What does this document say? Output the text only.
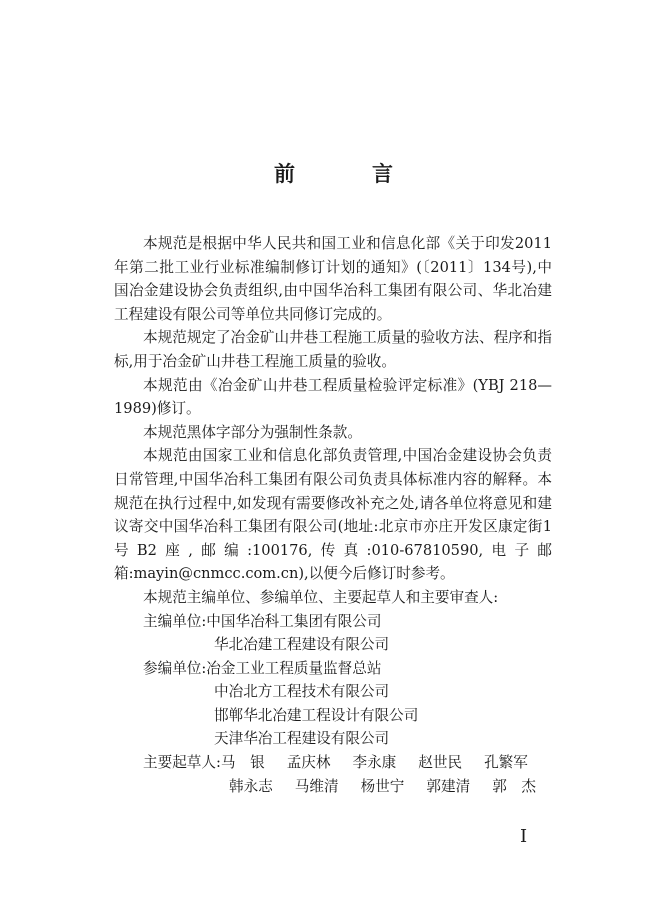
前　言

本规范是根据中华人民共和国工业和信息化部《关于印发2011年第二批工业行业标准编制修订计划的通知》(〔2011〕134号),中国冶金建设协会负责组织,由中国华冶科工集团有限公司、华北冶建工程建设有限公司等单位共同修订完成的。

本规范规定了冶金矿山井巷工程施工质量的验收方法、程序和指标,用于冶金矿山井巷工程施工质量的验收。

本规范由《冶金矿山井巷工程质量检验评定标准》(YBJ 218—1989)修订。

本规范黑体字部分为强制性条款。

本规范由国家工业和信息化部负责管理,中国冶金建设协会负责日常管理,中国华冶科工集团有限公司负责具体标准内容的解释。本规范在执行过程中,如发现有需要修改补充之处,请各单位将意见和建议寄交中国华冶科工集团有限公司(地址:北京市亦庄开发区康定街1号B2座,邮编:100176,传真:010-67810590,电子邮箱:mayin@cnmcc.com.cn),以便今后修订时参考。

本规范主编单位、参编单位、主要起草人和主要审查人:

主编单位:中国华冶科工集团有限公司
华北冶建工程建设有限公司
参编单位:冶金工业工程质量监督总站
中冶北方工程技术有限公司
邯郸华北冶建工程设计有限公司
天津华冶工程建设有限公司
主要起草人:马　银 孟庆林 李永康 赵世民 孔繁军
韩永志 马维清 杨世宁 郭建清 郭　杰
I
